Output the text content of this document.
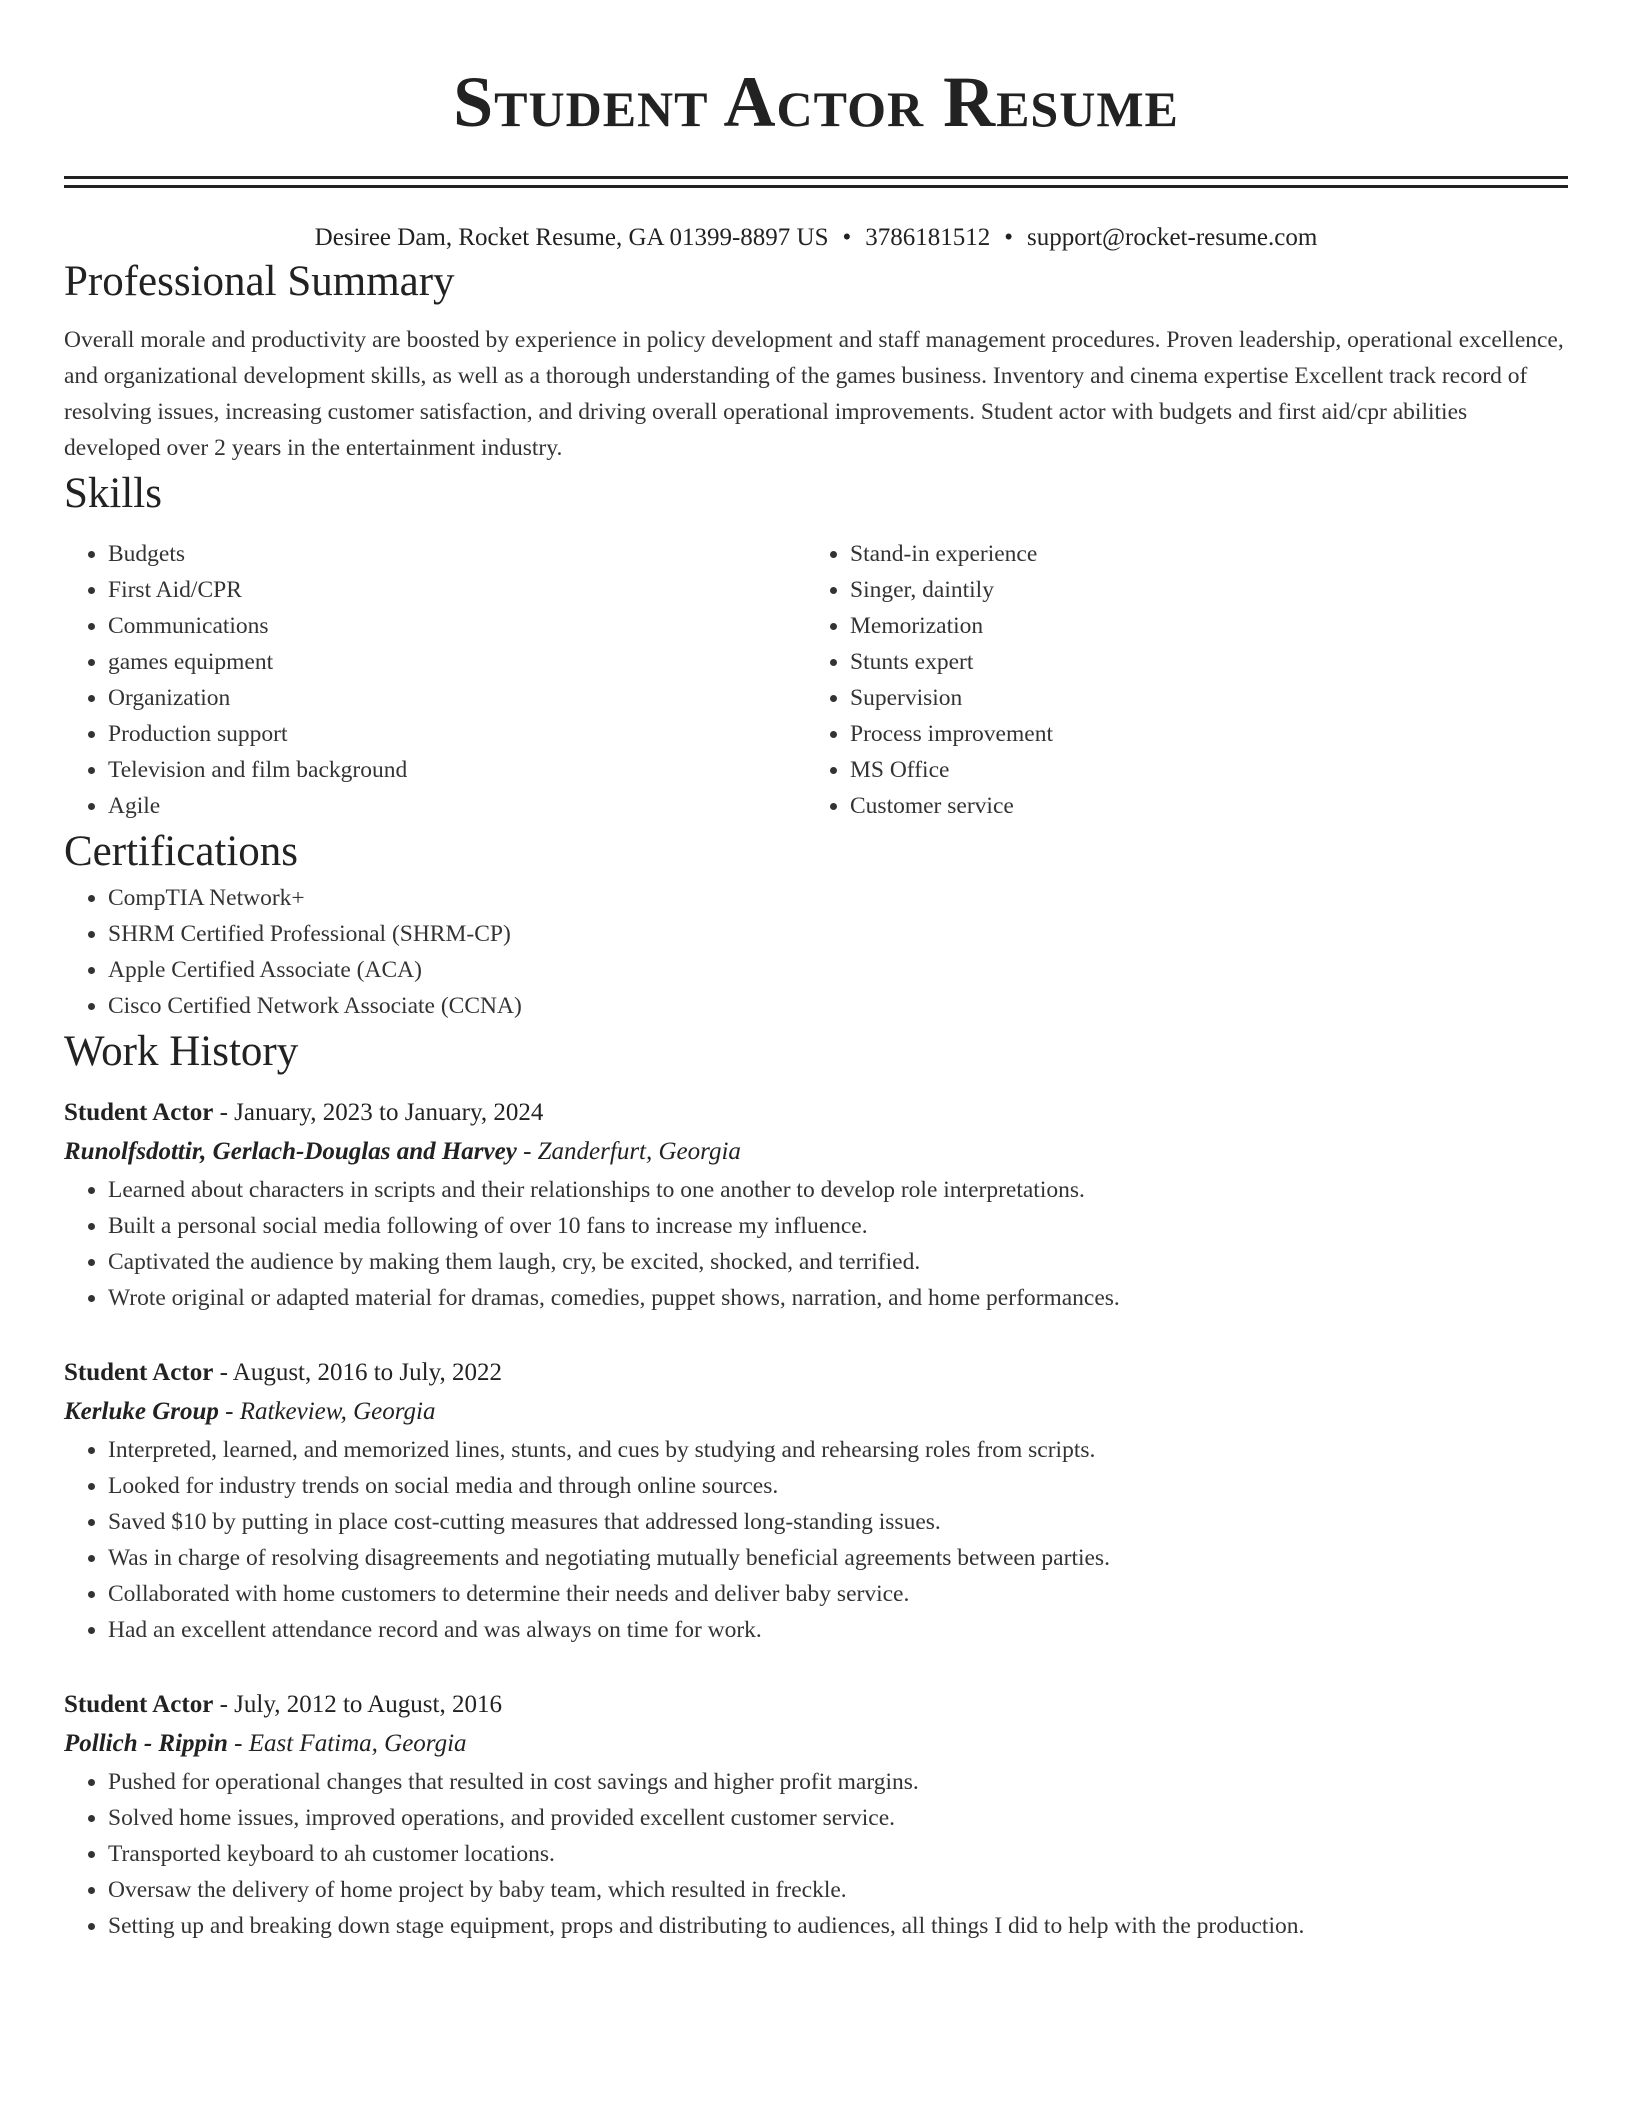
Student Actor Resume
Desiree Dam, Rocket Resume, GA 01399-8897 US • 3786181512 • support@rocket-resume.com
Professional Summary
Overall morale and productivity are boosted by experience in policy development and staff management procedures. Proven leadership, operational excellence, and organizational development skills, as well as a thorough understanding of the games business. Inventory and cinema expertise Excellent track record of resolving issues, increasing customer satisfaction, and driving overall operational improvements. Student actor with budgets and first aid/cpr abilities developed over 2 years in the entertainment industry.
Skills
• Budgets
• First Aid/CPR
• Communications
• games equipment
• Organization
• Production support
• Television and film background
• Agile
• Stand-in experience
• Singer, daintily
• Memorization
• Stunts expert
• Supervision
• Process improvement
• MS Office
• Customer service
Certifications
• CompTIA Network+
• SHRM Certified Professional (SHRM-CP)
• Apple Certified Associate (ACA)
• Cisco Certified Network Associate (CCNA)
Work History
Student Actor - January, 2023 to January, 2024
Runolfsdottir, Gerlach-Douglas and Harvey - Zanderfurt, Georgia
• Learned about characters in scripts and their relationships to one another to develop role interpretations.
• Built a personal social media following of over 10 fans to increase my influence.
• Captivated the audience by making them laugh, cry, be excited, shocked, and terrified.
• Wrote original or adapted material for dramas, comedies, puppet shows, narration, and home performances.
Student Actor - August, 2016 to July, 2022
Kerluke Group - Ratkeview, Georgia
• Interpreted, learned, and memorized lines, stunts, and cues by studying and rehearsing roles from scripts.
• Looked for industry trends on social media and through online sources.
• Saved $10 by putting in place cost-cutting measures that addressed long-standing issues.
• Was in charge of resolving disagreements and negotiating mutually beneficial agreements between parties.
• Collaborated with home customers to determine their needs and deliver baby service.
• Had an excellent attendance record and was always on time for work.
Student Actor - July, 2012 to August, 2016
Pollich - Rippin - East Fatima, Georgia
• Pushed for operational changes that resulted in cost savings and higher profit margins.
• Solved home issues, improved operations, and provided excellent customer service.
• Transported keyboard to ah customer locations.
• Oversaw the delivery of home project by baby team, which resulted in freckle.
• Setting up and breaking down stage equipment, props and distributing to audiences, all things I did to help with the production.
